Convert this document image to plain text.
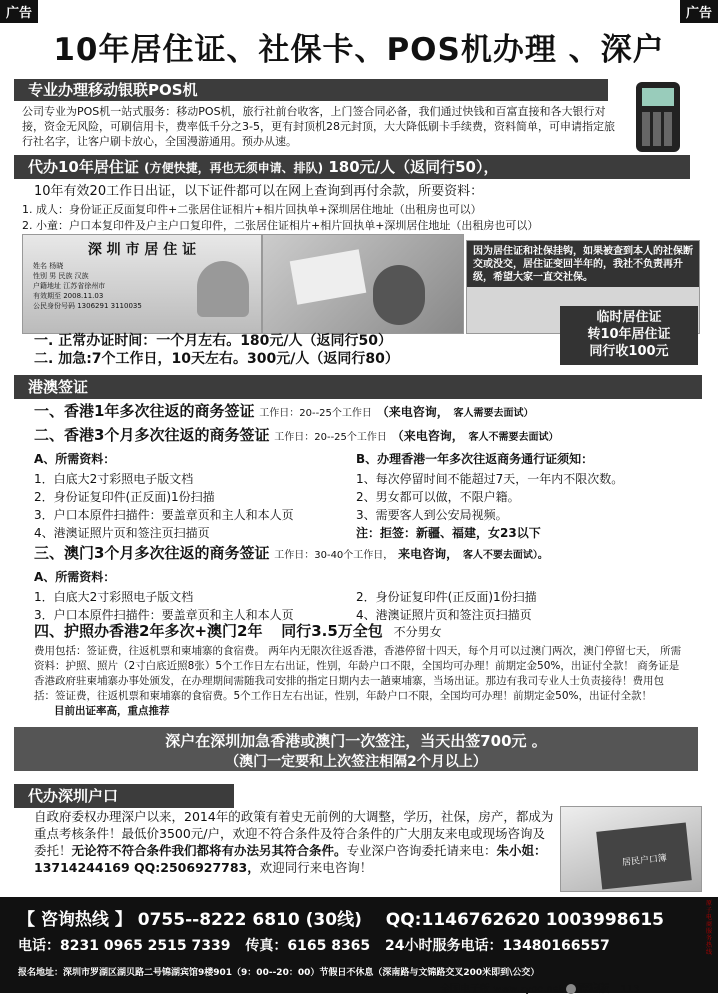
广告	广告
10年居住证、社保卡、POS机办理 、深户
专业办理移动银联POS机
公司专业为POS机一站式服务：移动POS机，旅行社前台收客，上门签合同必备，我们通过快钱和百富直接和各大银行对接，资金无风险，可刷信用卡，费率低千分之3-5，更有封顶机28元封顶，大大降低刷卡手续费，资料简单，可申请指定旅行社名字，让客户刷卡放心，全国漫游通用。预办从速。
代办10年居住证 (方便快捷，再也无须申请、排队) 180元/人（返同行50），
10年有效20工作日出证，以下证件都可以在网上查询到再付余款，所要资料：
1. 成人：身份证正反面复印件+二张居住证相片+相片回执单+深圳居住地址（出租房也可以）
2. 小童：户口本复印件及户主户口复印件，二张居住证相片+相片回执单+深圳居住地址（出租房也可以）
深 圳 市 居 住 证
姓名 杨晓
性别 男 民族 汉族
户籍地址 江苏省徐州市
有效期至 2008.11.03
公民身份号码 1306291 3110035
因为居住证和社保挂钩，如果被查到本人的社保断交或没交，居住证变回半年的，我社不负责再升级，希望大家一直交社保。
临时居住证
转10年居住证
同行收100元
一. 正常办证时间：一个月左右。180元/人（返同行50）
二. 加急:7个工作日，10天左右。300元/人（返同行80）
港澳签证
一、香港1年多次往返的商务签证 工作日：20--25个工作日 （来电咨询， 客人需要去面试）
二、香港3个月多次往返的商务签证 工作日：20--25个工作日 （来电咨询， 客人不需要去面试）
A、所需资料：
1．白底大2寸彩照电子版文档
2．身份证复印件(正反面)1份扫描
3．户口本原件扫描件：要盖章页和主人和本人页
4、港澳证照片页和签注页扫描页
B、办理香港一年多次往返商务通行证须知：
1、每次停留时间不能超过7天，一年内不限次数。
2、男女都可以做，不限户籍。
3、需要客人到公安局视频。
注：拒签：新疆、福建，女23以下
三、澳门3个月多次往返的商务签证 工作日：30-40个工作日， 来电咨询， 客人不要去面试）。
A、所需资料：
1．白底大2寸彩照电子版文档
3．户口本原件扫描件：要盖章页和主人和本人页
2．身份证复印件(正反面)1份扫描
4、港澳证照片页和签注页扫描页
四、护照办香港2年多次+澳门2年 同行3.5万全包 不分男女
费用包括：签证费，往返机票和柬埔寨的食宿费。 两年内无限次往返香港，香港停留十四天，每个月可以过澳门两次，澳门停留七天， 所需资料：护照、照片（2寸白底近照8张）5个工作日左右出证，性别，年龄户口不限，全国均可办理！前期定金50%，出证付全款！ 商务证是香港政府驻柬埔寨办事处颁发，在办理期间需随我司安排的指定日期内去一趟柬埔寨，当场出证。那边有我司专业人士负责接待！费用包括：签证费，往返机票和柬埔寨的食宿费。5个工作日左右出证，性别，年龄户口不限，全国均可办理！前期定金50%，出证付全款！ 目前出证率高，重点推荐
深户在深圳加急香港或澳门一次签注，当天出签700元 。
（澳门一定要和上次签注相隔2个月以上）
代办深圳户口
自政府委权办理深户以来，2014年的政策有着史无前例的大调整，学历，社保，房产，都成为重点考核条件！最低价3500元/户，欢迎不符合条件及符合条件的广大朋友来电或现场咨询及委托！无论符不符合条件我们都将有办法另其符合条件。专业深户咨询委托请来电：朱小姐：13714244169 QQ:2506927783，欢迎同行来电咨询！	居民户口簿
【 咨询热线 】 0755--8222 6810 (30线) QQ:1146762620 1003998615
电话：8231 0965 2515 7339 传真：6165 8365 24小时服务电话：13480166557
报名地址：深圳市罗湖区湖贝路二号锦湖宾馆9楼901（9：00--20：00）节假日不休息（深南路与文锦路交叉200米即到\公交）
原子电商服务热线
全国电子版 www.zyoo.net 深港版 113
